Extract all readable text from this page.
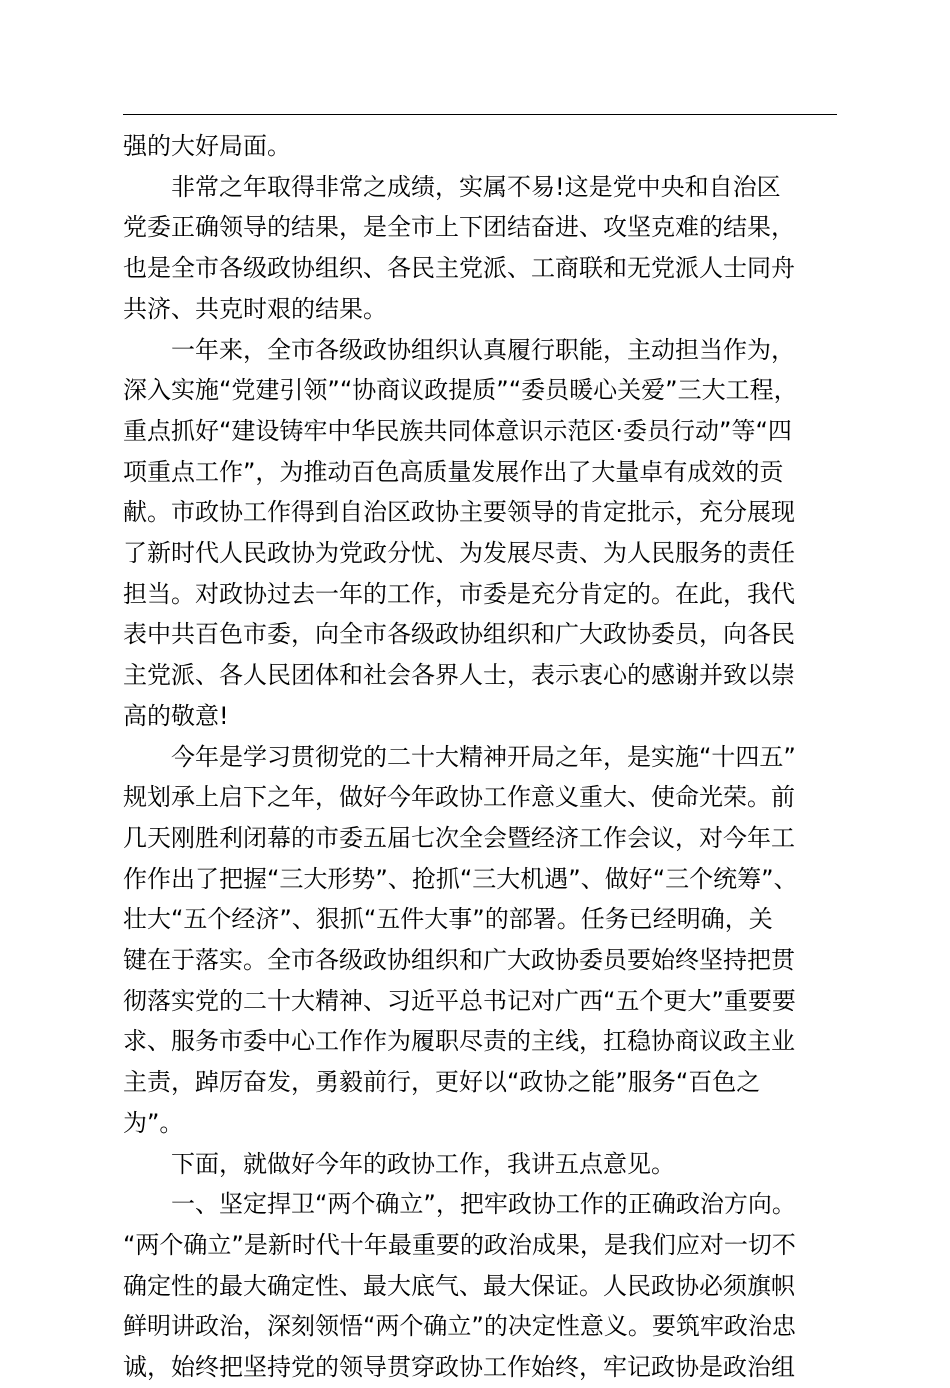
强的大好局面。

　　非常之年取得非常之成绩，实属不易!这是党中央和自治区

党委正确领导的结果，是全市上下团结奋进、攻坚克难的结果，

也是全市各级政协组织、各民主党派、工商联和无党派人士同舟

共济、共克时艰的结果。

　　一年来，全市各级政协组织认真履行职能，主动担当作为，

深入实施“党建引领”“协商议政提质”“委员暖心关爱”三大工程，

重点抓好“建设铸牢中华民族共同体意识示范区·委员行动”等“四

项重点工作”，为推动百色高质量发展作出了大量卓有成效的贡

献。市政协工作得到自治区政协主要领导的肯定批示，充分展现

了新时代人民政协为党政分忧、为发展尽责、为人民服务的责任

担当。对政协过去一年的工作，市委是充分肯定的。在此，我代

表中共百色市委，向全市各级政协组织和广大政协委员，向各民

主党派、各人民团体和社会各界人士，表示衷心的感谢并致以崇

高的敬意!

　　今年是学习贯彻党的二十大精神开局之年，是实施“十四五”

规划承上启下之年，做好今年政协工作意义重大、使命光荣。前

几天刚胜利闭幕的市委五届七次全会暨经济工作会议，对今年工

作作出了把握“三大形势”、抢抓“三大机遇”、做好“三个统筹”、

壮大“五个经济”、狠抓“五件大事”的部署。任务已经明确，关

键在于落实。全市各级政协组织和广大政协委员要始终坚持把贯

彻落实党的二十大精神、习近平总书记对广西“五个更大”重要要

求、服务市委中心工作作为履职尽责的主线，扛稳协商议政主业

主责，踔厉奋发，勇毅前行，更好以“政协之能”服务“百色之

为”。

　　下面，就做好今年的政协工作，我讲五点意见。

　　一、坚定捍卫“两个确立”，把牢政协工作的正确政治方向。

“两个确立”是新时代十年最重要的政治成果，是我们应对一切不

确定性的最大确定性、最大底气、最大保证。人民政协必须旗帜

鲜明讲政治，深刻领悟“两个确立”的决定性意义。要筑牢政治忠

诚，始终把坚持党的领导贯穿政协工作始终，牢记政协是政治组
